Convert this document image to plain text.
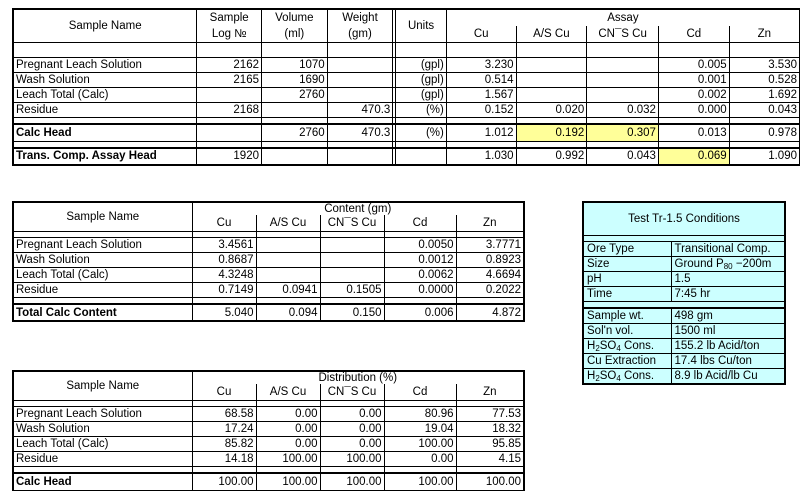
Sample Name	Sample	Volume	Weight		Units	Assay				
	Log №	(ml)	(gm)			Cu	A/S Cu	CN¯S Cu	Cd	Zn

Pregnant Leach Solution	2162	1070			(gpl)	3.230			0.005	3.530
Wash Solution	2165	1690			(gpl)	0.514			0.001	0.528
Leach Total (Calc)		2760			(gpl)	1.567			0.002	1.692
Residue	2168		470.3		(%)	0.152	0.020	0.032	0.000	0.043

Calc Head		2760	470.3		(%)	1.012	0.192	0.307	0.013	0.978

Trans. Comp. Assay Head	1920					1.030	0.992	0.043	0.069	1.090
Sample Name	Content (gm)				
	Cu	A/S Cu	CN¯S Cu	Cd	Zn

Pregnant Leach Solution	3.4561			0.0050	3.7771
Wash Solution	0.8687			0.0012	0.8923
Leach Total (Calc)	4.3248			0.0062	4.6694
Residue	0.7149	0.0941	0.1505	0.0000	0.2022

Total Calc Content	5.040	0.094	0.150	0.006	4.872
Test Tr-1.5 Conditions	

Ore Type	Transitional Comp.
Size	Ground $P_{80} -200m$
pH	1.5
Time	7:45 hr

Sample wt.	498 gm
Sol'n vol.	1500 ml
$H_2SO_4$ Cons.	155.2 lb Acid/ton
Cu Extraction	17.4 lbs Cu/ton
$H_2SO_4$ Cons.	8.9 lb Acid/lb Cu
Sample Name	Distribution (%)				
	Cu	A/S Cu	CN¯S Cu	Cd	Zn

Pregnant Leach Solution	68.58	0.00	0.00	80.96	77.53
Wash Solution	17.24	0.00	0.00	19.04	18.32
Leach Total (Calc)	85.82	0.00	0.00	100.00	95.85
Residue	14.18	100.00	100.00	0.00	4.15

Calc Head	100.00	100.00	100.00	100.00	100.00
